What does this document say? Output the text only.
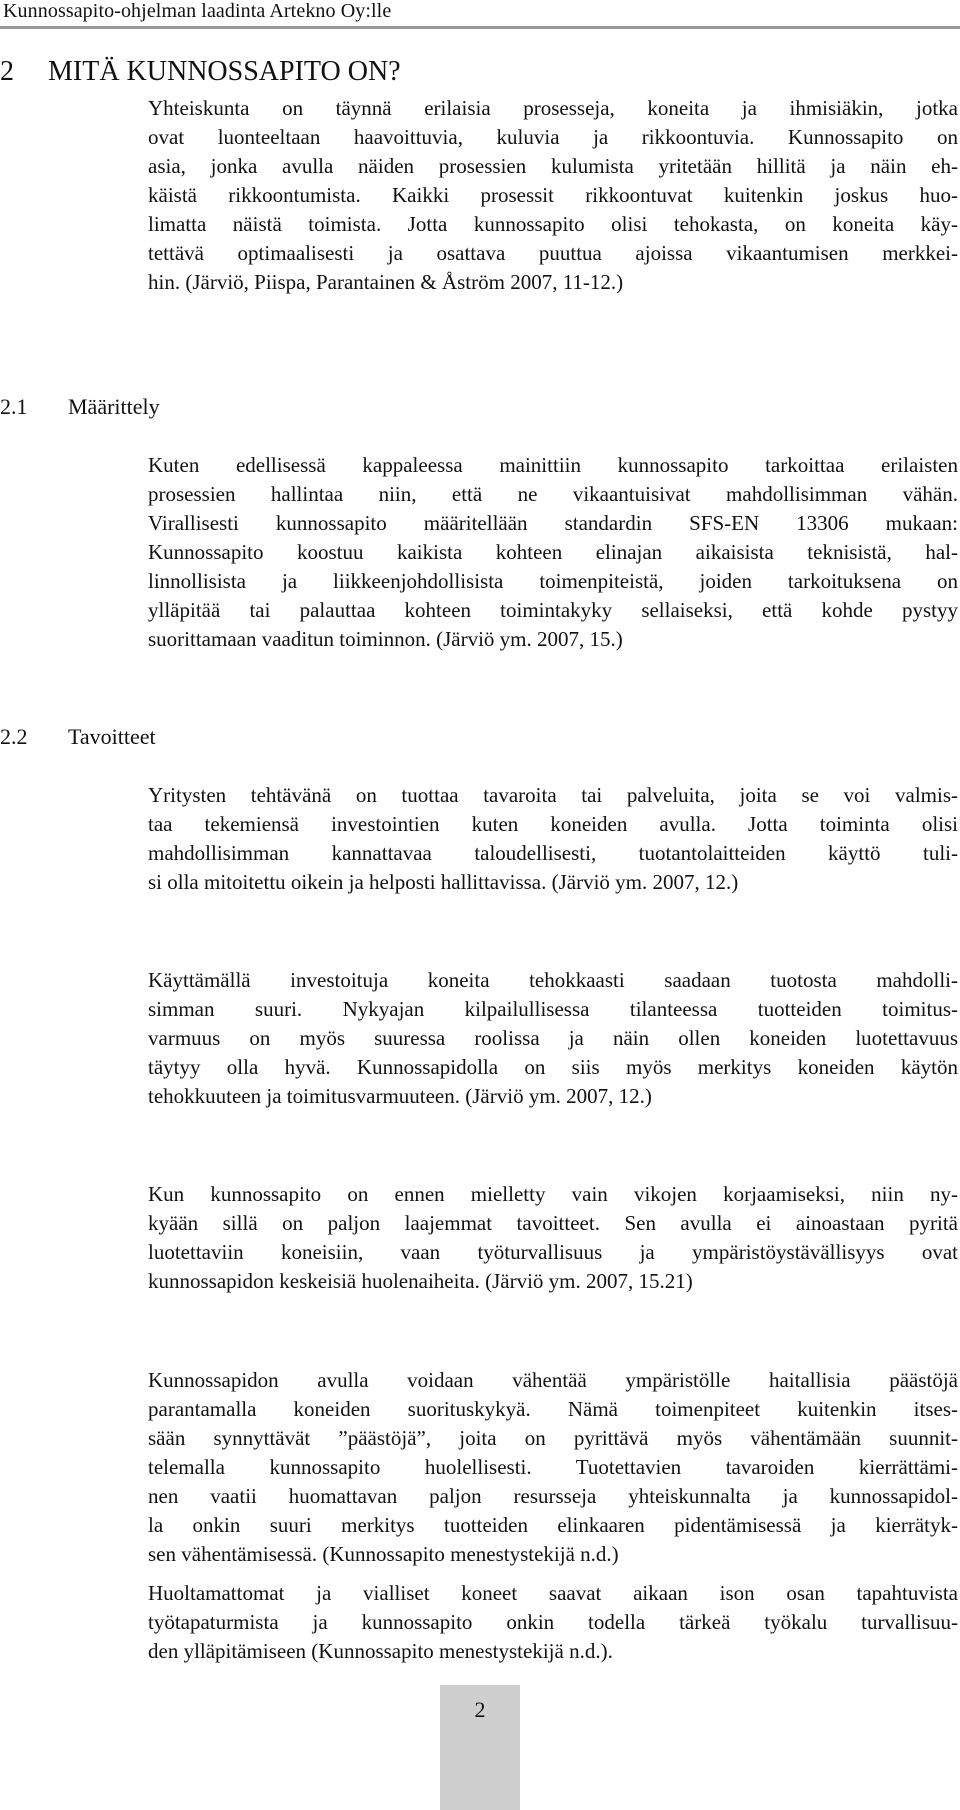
Kunnossapito-ohjelman laadinta Artekno Oy:lle
2 MITÄ KUNNOSSAPITO ON?
Yhteiskunta on täynnä erilaisia prosesseja, koneita ja ihmisiäkin, jotka
ovat luonteeltaan haavoittuvia, kuluvia ja rikkoontuvia. Kunnossapito on
asia, jonka avulla näiden prosessien kulumista yritetään hillitä ja näin eh-
käistä rikkoontumista. Kaikki prosessit rikkoontuvat kuitenkin joskus huo-
limatta näistä toimista. Jotta kunnossapito olisi tehokasta, on koneita käy-
tettävä optimaalisesti ja osattava puuttua ajoissa vikaantumisen merkkei-
hin. (Järviö, Piispa, Parantainen & Åström 2007, 11-12.)
2.1 Määrittely
Kuten edellisessä kappaleessa mainittiin kunnossapito tarkoittaa erilaisten
prosessien hallintaa niin, että ne vikaantuisivat mahdollisimman vähän.
Virallisesti kunnossapito määritellään standardin SFS-EN 13306 mukaan:
Kunnossapito koostuu kaikista kohteen elinajan aikaisista teknisistä, hal-
linnollisista ja liikkeenjohdollisista toimenpiteistä, joiden tarkoituksena on
ylläpitää tai palauttaa kohteen toimintakyky sellaiseksi, että kohde pystyy
suorittamaan vaaditun toiminnon. (Järviö ym. 2007, 15.)
2.2 Tavoitteet
Yritysten tehtävänä on tuottaa tavaroita tai palveluita, joita se voi valmis-
taa tekemiensä investointien kuten koneiden avulla. Jotta toiminta olisi
mahdollisimman kannattavaa taloudellisesti, tuotantolaitteiden käyttö tuli-
si olla mitoitettu oikein ja helposti hallittavissa. (Järviö ym. 2007, 12.)
Käyttämällä investoituja koneita tehokkaasti saadaan tuotosta mahdolli-
simman suuri. Nykyajan kilpailullisessa tilanteessa tuotteiden toimitus-
varmuus on myös suuressa roolissa ja näin ollen koneiden luotettavuus
täytyy olla hyvä. Kunnossapidolla on siis myös merkitys koneiden käytön
tehokkuuteen ja toimitusvarmuuteen. (Järviö ym. 2007, 12.)
Kun kunnossapito on ennen mielletty vain vikojen korjaamiseksi, niin ny-
kyään sillä on paljon laajemmat tavoitteet. Sen avulla ei ainoastaan pyritä
luotettaviin koneisiin, vaan työturvallisuus ja ympäristöystävällisyys ovat
kunnossapidon keskeisiä huolenaiheita. (Järviö ym. 2007, 15.21)
Kunnossapidon avulla voidaan vähentää ympäristölle haitallisia päästöjä
parantamalla koneiden suorituskykyä. Nämä toimenpiteet kuitenkin itses-
sään synnyttävät ”päästöjä”, joita on pyrittävä myös vähentämään suunnit-
telemalla kunnossapito huolellisesti. Tuotettavien tavaroiden kierrättämi-
nen vaatii huomattavan paljon resursseja yhteiskunnalta ja kunnossapidol-
la onkin suuri merkitys tuotteiden elinkaaren pidentämisessä ja kierrätyk-
sen vähentämisessä. (Kunnossapito menestystekijä n.d.)
Huoltamattomat ja vialliset koneet saavat aikaan ison osan tapahtuvista
työtapaturmista ja kunnossapito onkin todella tärkeä työkalu turvallisuu-
den ylläpitämiseen (Kunnossapito menestystekijä n.d.).
2
